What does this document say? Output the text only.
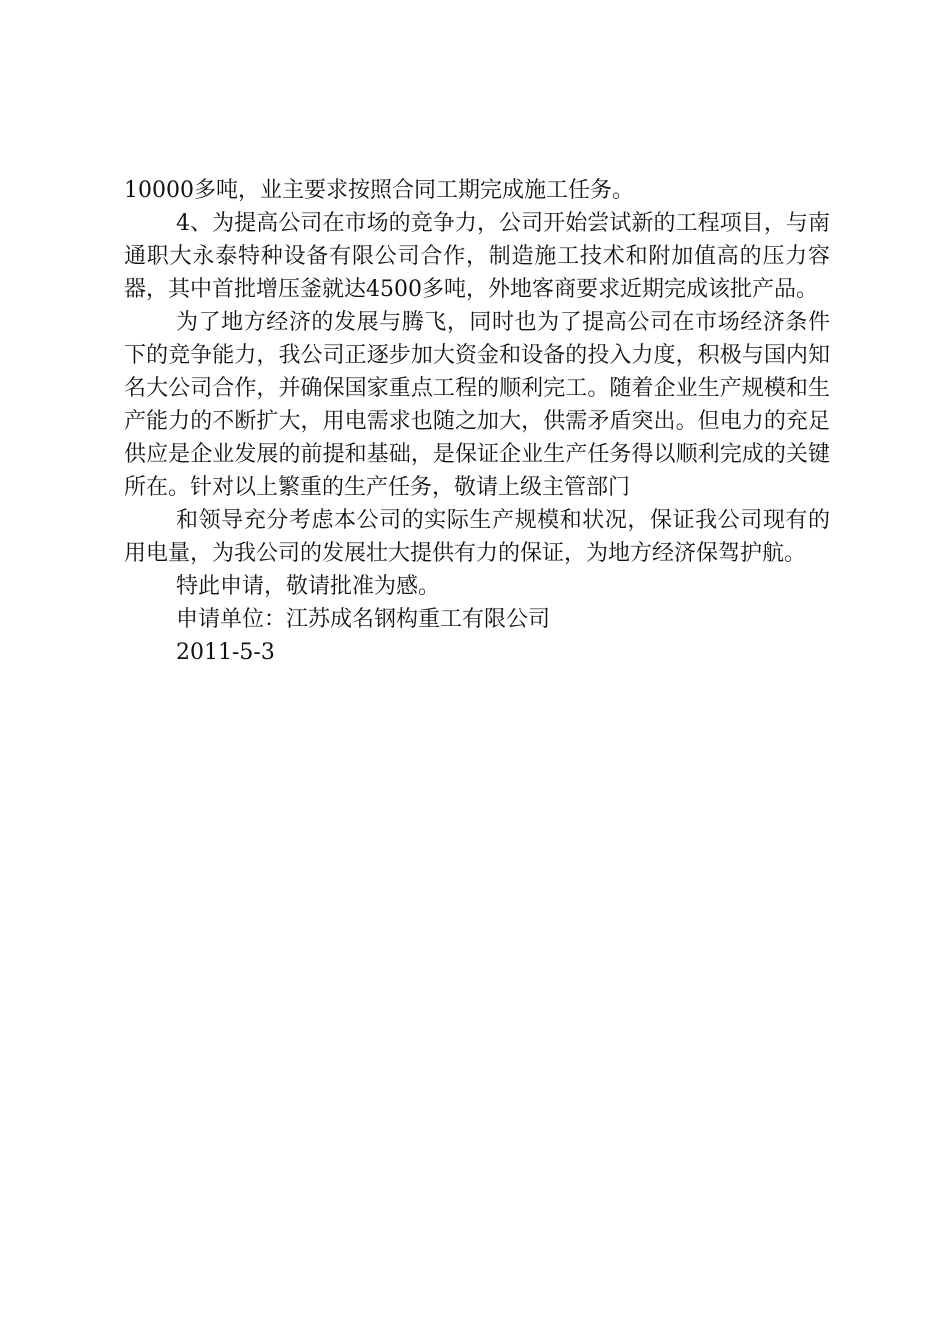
10000多吨，业主要求按照合同工期完成施工任务。

4、为提高公司在市场的竞争力，公司开始尝试新的工程项目，与南通职大永泰特种设备有限公司合作，制造施工技术和附加值高的压力容器，其中首批增压釜就达4500多吨，外地客商要求近期完成该批产品。

为了地方经济的发展与腾飞，同时也为了提高公司在市场经济条件下的竞争能力，我公司正逐步加大资金和设备的投入力度，积极与国内知名大公司合作，并确保国家重点工程的顺利完工。随着企业生产规模和生产能力的不断扩大，用电需求也随之加大，供需矛盾突出。但电力的充足供应是企业发展的前提和基础，是保证企业生产任务得以顺利完成的关键所在。针对以上繁重的生产任务，敬请上级主管部门

和领导充分考虑本公司的实际生产规模和状况，保证我公司现有的用电量，为我公司的发展壮大提供有力的保证，为地方经济保驾护航。

特此申请，敬请批准为感。

申请单位：江苏成名钢构重工有限公司

2011-5-3
